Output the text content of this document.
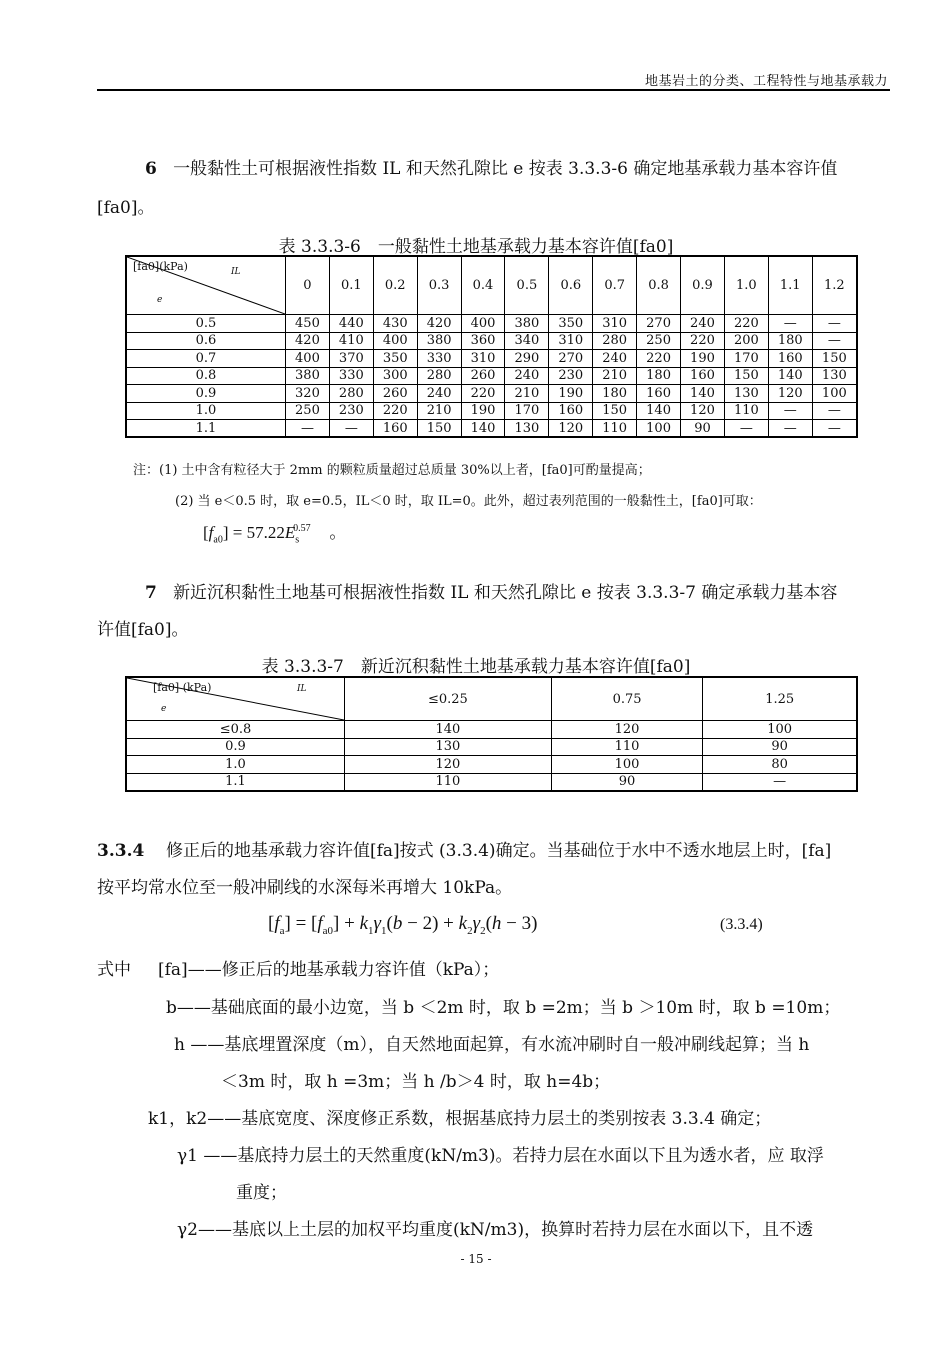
地基岩土的分类、工程特性与地基承载力
6 一般黏性土可根据液性指数 IL 和天然孔隙比 e 按表 3.3.3-6 确定地基承载力基本容许值
[fa0]。
表 3.3.3-6　一般黏性土地基承载力基本容许值[fa0]
[fa0](kPa) IL
e	0	0.1	0.2	0.3	0.4	0.5	0.6	0.7	0.8	0.9	1.0	1.1	1.2
0.5	450	440	430	420	400	380	350	310	270	240	220	—	—
0.6	420	410	400	380	360	340	310	280	250	220	200	180	—
0.7	400	370	350	330	310	290	270	240	220	190	170	160	150
0.8	380	330	300	280	260	240	230	210	180	160	150	140	130
0.9	320	280	260	240	220	210	190	180	160	140	130	120	100
1.0	250	230	220	210	190	170	160	150	140	120	110	—	—
1.1	—	—	160	150	140	130	120	110	100	90	—	—	—
注：(1) 土中含有粒径大于 2mm 的颗粒质量超过总质量 30%以上者，[fa0]可酌量提高；
(2) 当 e＜0.5 时，取 e=0.5，IL＜0 时，取 IL=0。此外，超过表列范围的一般黏性土，[fa0]可取：
$[f_{a0}] = 57.22E_s^{0.57}$   。
7 新近沉积黏性土地基可根据液性指数 IL 和天然孔隙比 e 按表 3.3.3-7 确定承载力基本容
许值[fa0]。
表 3.3.3-7　新近沉积黏性土地基承载力基本容许值[fa0]
[fa0] (kPa) IL
e	≤0.25	0.75	1.25
≤0.8	140	120	100
0.9	130	110	90
1.0	120	100	80
1.1	110	90	—
3.3.4 修正后的地基承载力容许值[fa]按式 (3.3.4)确定。当基础位于水中不透水地层上时，[fa]
按平均常水位至一般冲刷线的水深每米再增大 10kPa。
$[f_a] = [f_{a0}] + k_1\gamma_1(b - 2) + k_2\gamma_2(h - 3)$	(3.3.4)
式中 [fa]——修正后的地基承载力容许值（kPa）；
b——基础底面的最小边宽，当 b ＜2m 时，取 b =2m；当 b ＞10m 时，取 b =10m；
h ——基底埋置深度（m），自天然地面起算，有水流冲刷时自一般冲刷线起算；当 h
＜3m 时，取 h =3m；当 h /b＞4 时，取 h=4b；
k1，k2——基底宽度、深度修正系数，根据基底持力层土的类别按表 3.3.4 确定；
γ1 ——基底持力层土的天然重度(kN/m3)。若持力层在水面以下且为透水者，应 取浮
重度；
γ2——基底以上土层的加权平均重度(kN/m3)，换算时若持力层在水面以下，且不透
- 15 -
